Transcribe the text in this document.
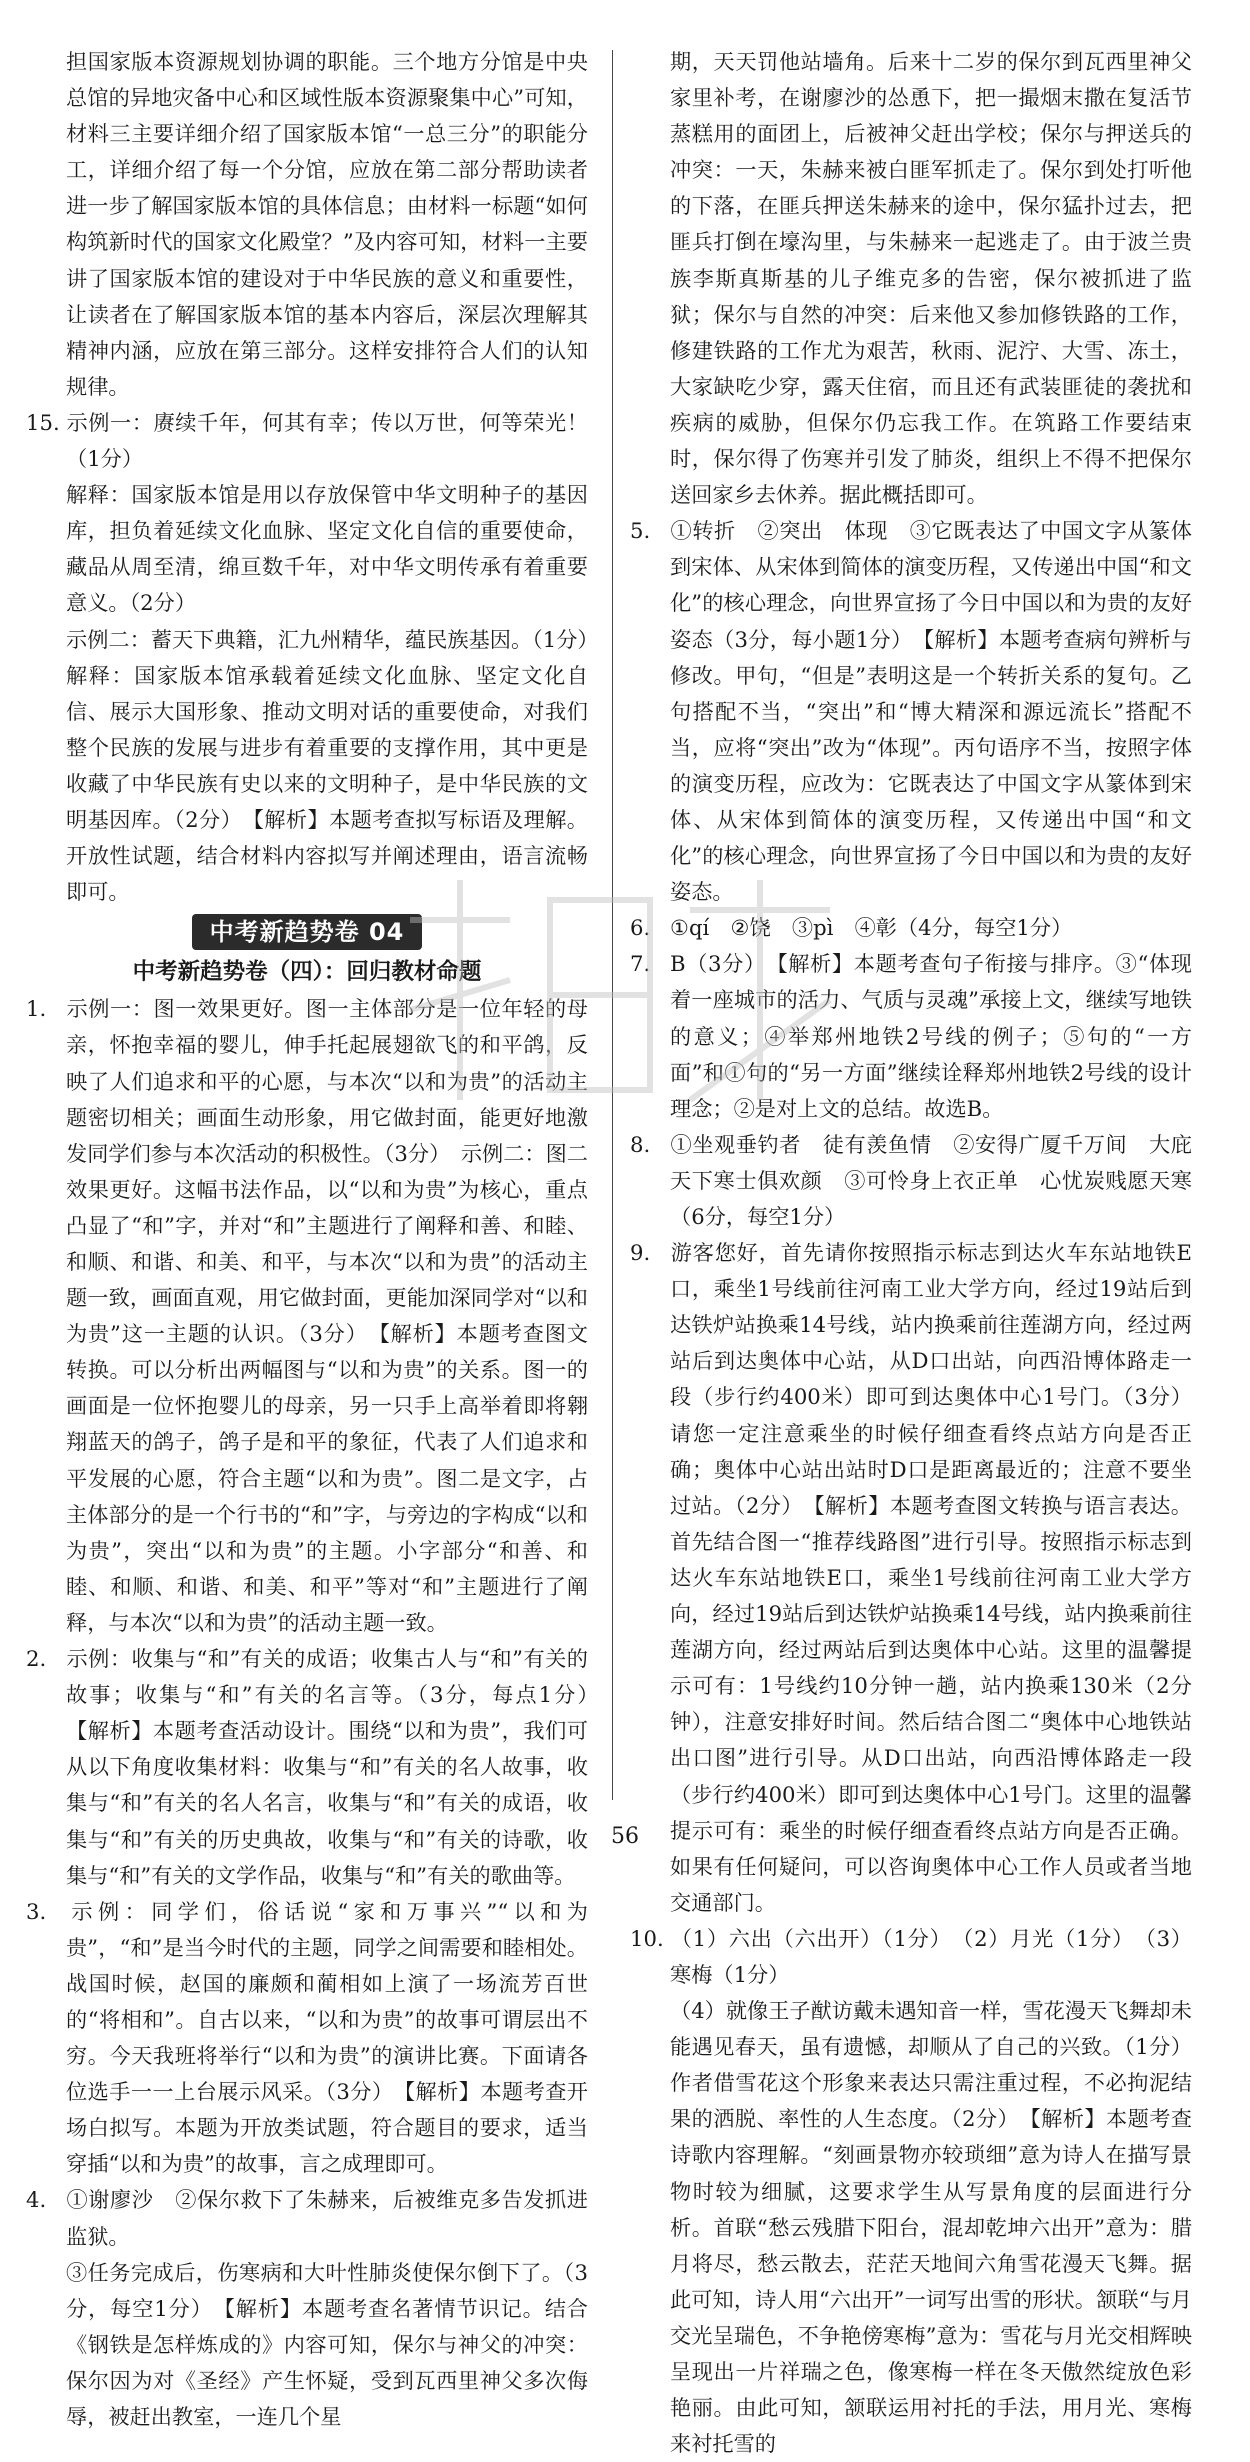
担国家版本资源规划协调的职能。三个地方分馆是中央总馆的异地灾备中心和区域性版本资源聚集中心”可知，材料三主要详细介绍了国家版本馆“一总三分”的职能分工，详细介绍了每一个分馆，应放在第二部分帮助读者进一步了解国家版本馆的具体信息；由材料一标题“如何构筑新时代的国家文化殿堂？”及内容可知，材料一主要讲了国家版本馆的建设对于中华民族的意义和重要性，让读者在了解国家版本馆的基本内容后，深层次理解其精神内涵，应放在第三部分。这样安排符合人们的认知规律。

15. 示例一：赓续千年，何其有幸；传以万世，何等荣光！（1分）

解释：国家版本馆是用以存放保管中华文明种子的基因库，担负着延续文化血脉、坚定文化自信的重要使命，藏品从周至清，绵亘数千年，对中华文明传承有着重要意义。（2分）

示例二：蓄天下典籍，汇九州精华，蕴民族基因。（1分）　解释：国家版本馆承载着延续文化血脉、坚定文化自信、展示大国形象、推动文明对话的重要使命，对我们整个民族的发展与进步有着重要的支撑作用，其中更是收藏了中华民族有史以来的文明种子，是中华民族的文明基因库。（2分）　【解析】本题考查拟写标语及理解。开放性试题，结合材料内容拟写并阐述理由，语言流畅即可。

中考新趋势卷 04
中考新趋势卷（四）：回归教材命题

1. 示例一：图一效果更好。图一主体部分是一位年轻的母亲，怀抱幸福的婴儿，伸手托起展翅欲飞的和平鸽，反映了人们追求和平的心愿，与本次“以和为贵”的活动主题密切相关；画面生动形象，用它做封面，能更好地激发同学们参与本次活动的积极性。（3分）　示例二：图二效果更好。这幅书法作品，以“以和为贵”为核心，重点凸显了“和”字，并对“和”主题进行了阐释和善、和睦、和顺、和谐、和美、和平，与本次“以和为贵”的活动主题一致，画面直观，用它做封面，更能加深同学对“以和为贵”这一主题的认识。（3分）　【解析】本题考查图文转换。可以分析出两幅图与“以和为贵”的关系。图一的画面是一位怀抱婴儿的母亲，另一只手上高举着即将翱翔蓝天的鸽子，鸽子是和平的象征，代表了人们追求和平发展的心愿，符合主题“以和为贵”。图二是文字，占主体部分的是一个行书的“和”字，与旁边的字构成“以和为贵”，突出“以和为贵”的主题。小字部分“和善、和睦、和顺、和谐、和美、和平”等对“和”主题进行了阐释，与本次“以和为贵”的活动主题一致。

2. 示例：收集与“和”有关的成语；收集古人与“和”有关的故事；收集与“和”有关的名言等。（3分，每点1分）　【解析】本题考查活动设计。围绕“以和为贵”，我们可从以下角度收集材料：收集与“和”有关的名人故事，收集与“和”有关的名人名言，收集与“和”有关的成语，收集与“和”有关的历史典故，收集与“和”有关的诗歌，收集与“和”有关的文学作品，收集与“和”有关的歌曲等。

3. 示例：同学们，俗话说“家和万事兴”“以和为贵”，“和”是当今时代的主题，同学之间需要和睦相处。战国时候，赵国的廉颇和蔺相如上演了一场流芳百世的“将相和”。自古以来，“以和为贵”的故事可谓层出不穷。今天我班将举行“以和为贵”的演讲比赛。下面请各位选手一一上台展示风采。（3分）　【解析】本题考查开场白拟写。本题为开放类试题，符合题目的要求，适当穿插“以和为贵”的故事，言之成理即可。

4. ①谢廖沙　②保尔救下了朱赫来，后被维克多告发抓进监狱。

③任务完成后，伤寒病和大叶性肺炎使保尔倒下了。（3分，每空1分）　【解析】本题考查名著情节识记。结合《钢铁是怎样炼成的》内容可知，保尔与神父的冲突：保尔因为对《圣经》产生怀疑，受到瓦西里神父多次侮辱，被赶出教室，一连几个星

期，天天罚他站墙角。后来十二岁的保尔到瓦西里神父家里补考，在谢廖沙的怂恿下，把一撮烟末撒在复活节蒸糕用的面团上，后被神父赶出学校；保尔与押送兵的冲突：一天，朱赫来被白匪军抓走了。保尔到处打听他的下落，在匪兵押送朱赫来的途中，保尔猛扑过去，把匪兵打倒在壕沟里，与朱赫来一起逃走了。由于波兰贵族李斯真斯基的儿子维克多的告密，保尔被抓进了监狱；保尔与自然的冲突：后来他又参加修铁路的工作，修建铁路的工作尤为艰苦，秋雨、泥泞、大雪、冻土，大家缺吃少穿，露天住宿，而且还有武装匪徒的袭扰和疾病的威胁，但保尔仍忘我工作。在筑路工作要结束时，保尔得了伤寒并引发了肺炎，组织上不得不把保尔送回家乡去休养。据此概括即可。

5. ①转折　②突出　体现　③它既表达了中国文字从篆体到宋体、从宋体到简体的演变历程，又传递出中国“和文化”的核心理念，向世界宣扬了今日中国以和为贵的友好姿态（3分，每小题1分）　【解析】本题考查病句辨析与修改。甲句，“但是”表明这是一个转折关系的复句。乙句搭配不当，“突出”和“博大精深和源远流长”搭配不当，应将“突出”改为“体现”。丙句语序不当，按照字体的演变历程，应改为：它既表达了中国文字从篆体到宋体、从宋体到简体的演变历程，又传递出中国“和文化”的核心理念，向世界宣扬了今日中国以和为贵的友好姿态。

6. ①qí　②饶　③pì　④彰（4分，每空1分）

7. B（3分）　【解析】本题考查句子衔接与排序。③“体现着一座城市的活力、气质与灵魂”承接上文，继续写地铁的意义；④举郑州地铁2号线的例子；⑤句的“一方面”和①句的“另一方面”继续诠释郑州地铁2号线的设计理念；②是对上文的总结。故选B。

8. ①坐观垂钓者　徒有羡鱼情　②安得广厦千万间　大庇天下寒士俱欢颜　③可怜身上衣正单　心忧炭贱愿天寒（6分，每空1分）

9. 游客您好，首先请你按照指示标志到达火车东站地铁E口，乘坐1号线前往河南工业大学方向，经过19站后到达铁炉站换乘14号线，站内换乘前往莲湖方向，经过两站后到达奥体中心站，从D口出站，向西沿博体路走一段（步行约400米）即可到达奥体中心1号门。（3分）请您一定注意乘坐的时候仔细查看终点站方向是否正确；奥体中心站出站时D口是距离最近的；注意不要坐过站。（2分）　【解析】本题考查图文转换与语言表达。首先结合图一“推荐线路图”进行引导。按照指示标志到达火车东站地铁E口，乘坐1号线前往河南工业大学方向，经过19站后到达铁炉站换乘14号线，站内换乘前往莲湖方向，经过两站后到达奥体中心站。这里的温馨提示可有：1号线约10分钟一趟，站内换乘130米（2分钟），注意安排好时间。然后结合图二“奥体中心地铁站出口图”进行引导。从D口出站，向西沿博体路走一段（步行约400米）即可到达奥体中心1号门。这里的温馨提示可有：乘坐的时候仔细查看终点站方向是否正确。如果有任何疑问，可以咨询奥体中心工作人员或者当地交通部门。

10. （1）六出（六出开）（1分）　（2）月光（1分）　（3）寒梅（1分）

（4）就像王子猷访戴未遇知音一样，雪花漫天飞舞却未能遇见春天，虽有遗憾，却顺从了自己的兴致。（1分）作者借雪花这个形象来表达只需注重过程，不必拘泥结果的洒脱、率性的人生态度。（2分）　【解析】本题考查诗歌内容理解。“刻画景物亦较琐细”意为诗人在描写景物时较为细腻，这要求学生从写景角度的层面进行分析。首联“愁云残腊下阳台，混却乾坤六出开”意为：腊月将尽，愁云散去，茫茫天地间六角雪花漫天飞舞。据此可知，诗人用“六出开”一词写出雪的形状。颔联“与月交光呈瑞色，不争艳傍寒梅”意为：雪花与月光交相辉映呈现出一片祥瑞之色，像寒梅一样在冬天傲然绽放色彩艳丽。由此可知，颔联运用衬托的手法，用月光、寒梅来衬托雪的

56
